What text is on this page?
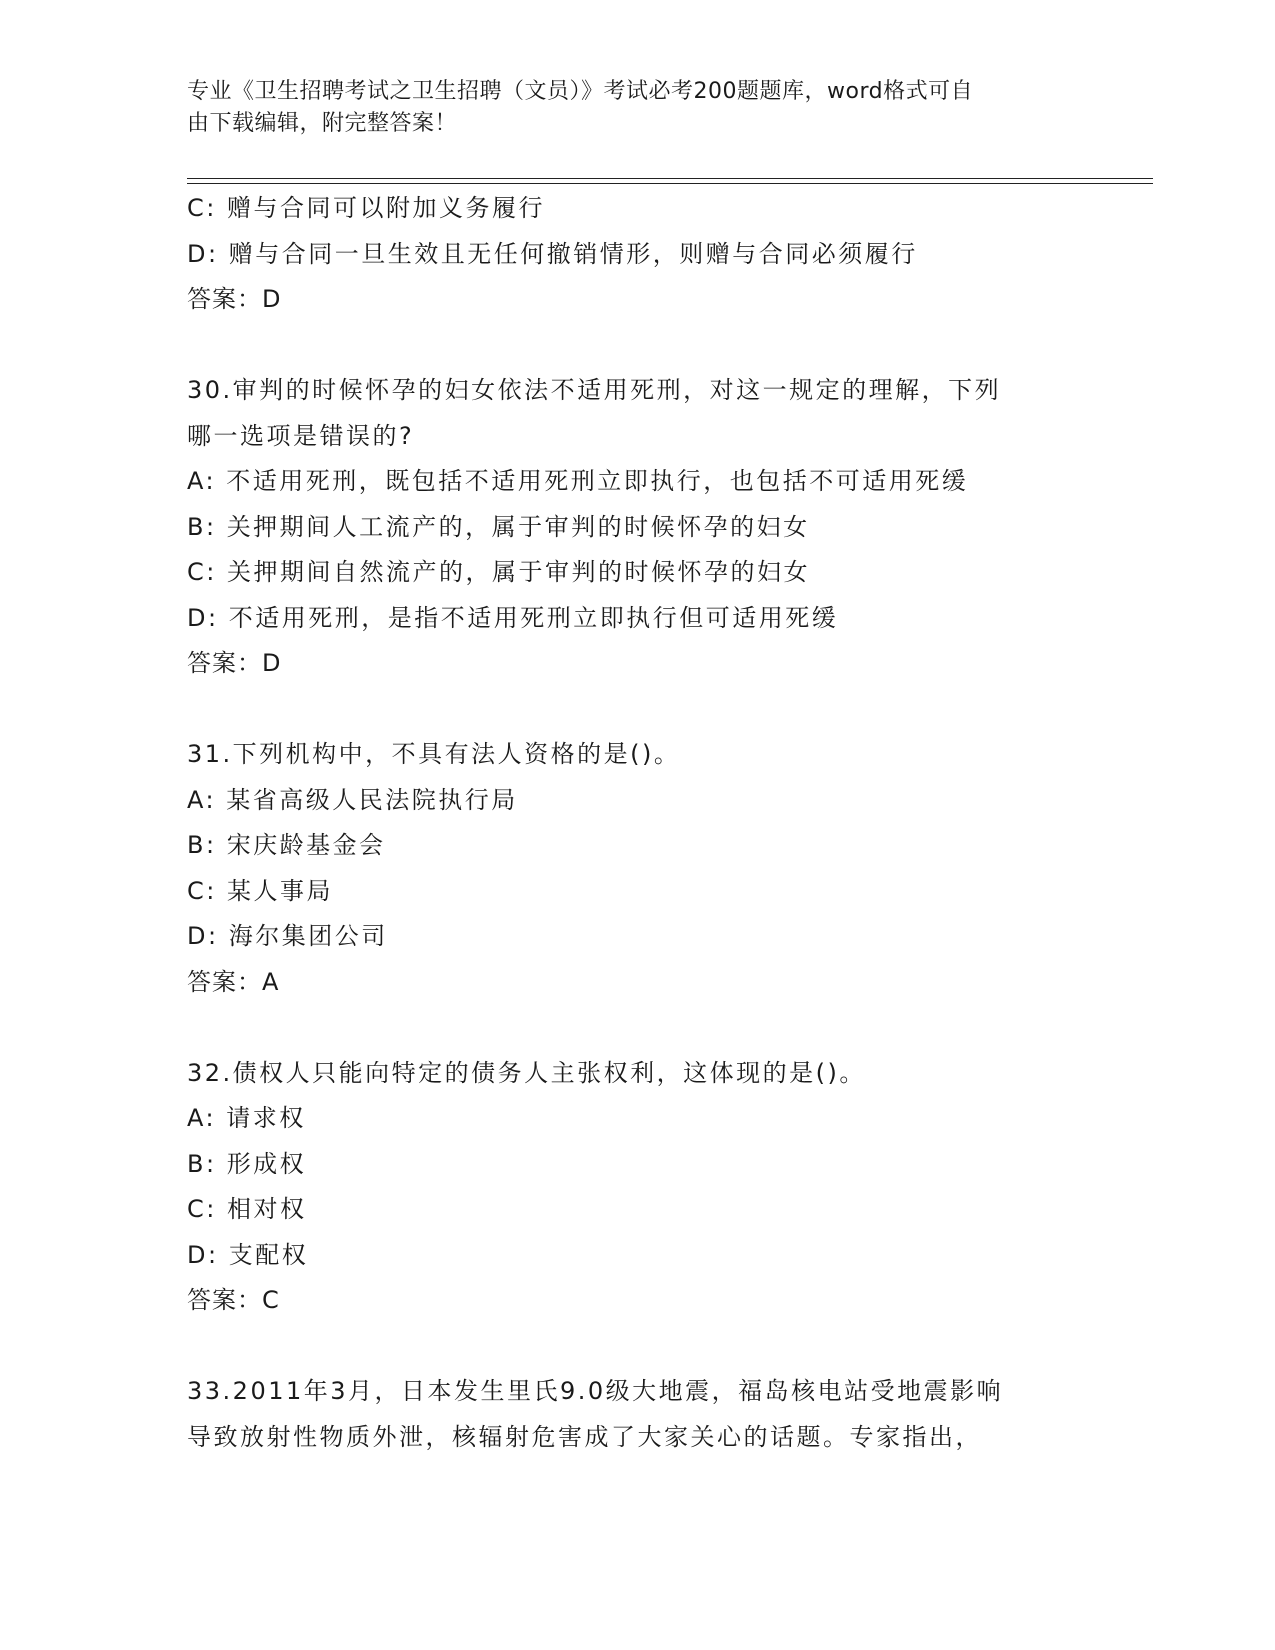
专业《卫生招聘考试之卫生招聘（文员）》考试必考200题题库，word格式可自
由下载编辑，附完整答案！
C: 赠与合同可以附加义务履行
D: 赠与合同一旦生效且无任何撤销情形，则赠与合同必须履行
答案：D
30.审判的时候怀孕的妇女依法不适用死刑，对这一规定的理解，下列
哪一选项是错误的?
A: 不适用死刑，既包括不适用死刑立即执行，也包括不可适用死缓
B: 关押期间人工流产的，属于审判的时候怀孕的妇女
C: 关押期间自然流产的，属于审判的时候怀孕的妇女
D: 不适用死刑，是指不适用死刑立即执行但可适用死缓
答案：D
31.下列机构中，不具有法人资格的是()。
A: 某省高级人民法院执行局
B: 宋庆龄基金会
C: 某人事局
D: 海尔集团公司
答案：A
32.债权人只能向特定的债务人主张权利，这体现的是()。
A: 请求权
B: 形成权
C: 相对权
D: 支配权
答案：C
33.2011年3月，日本发生里氏9.0级大地震，福岛核电站受地震影响
导致放射性物质外泄，核辐射危害成了大家关心的话题。专家指出，
